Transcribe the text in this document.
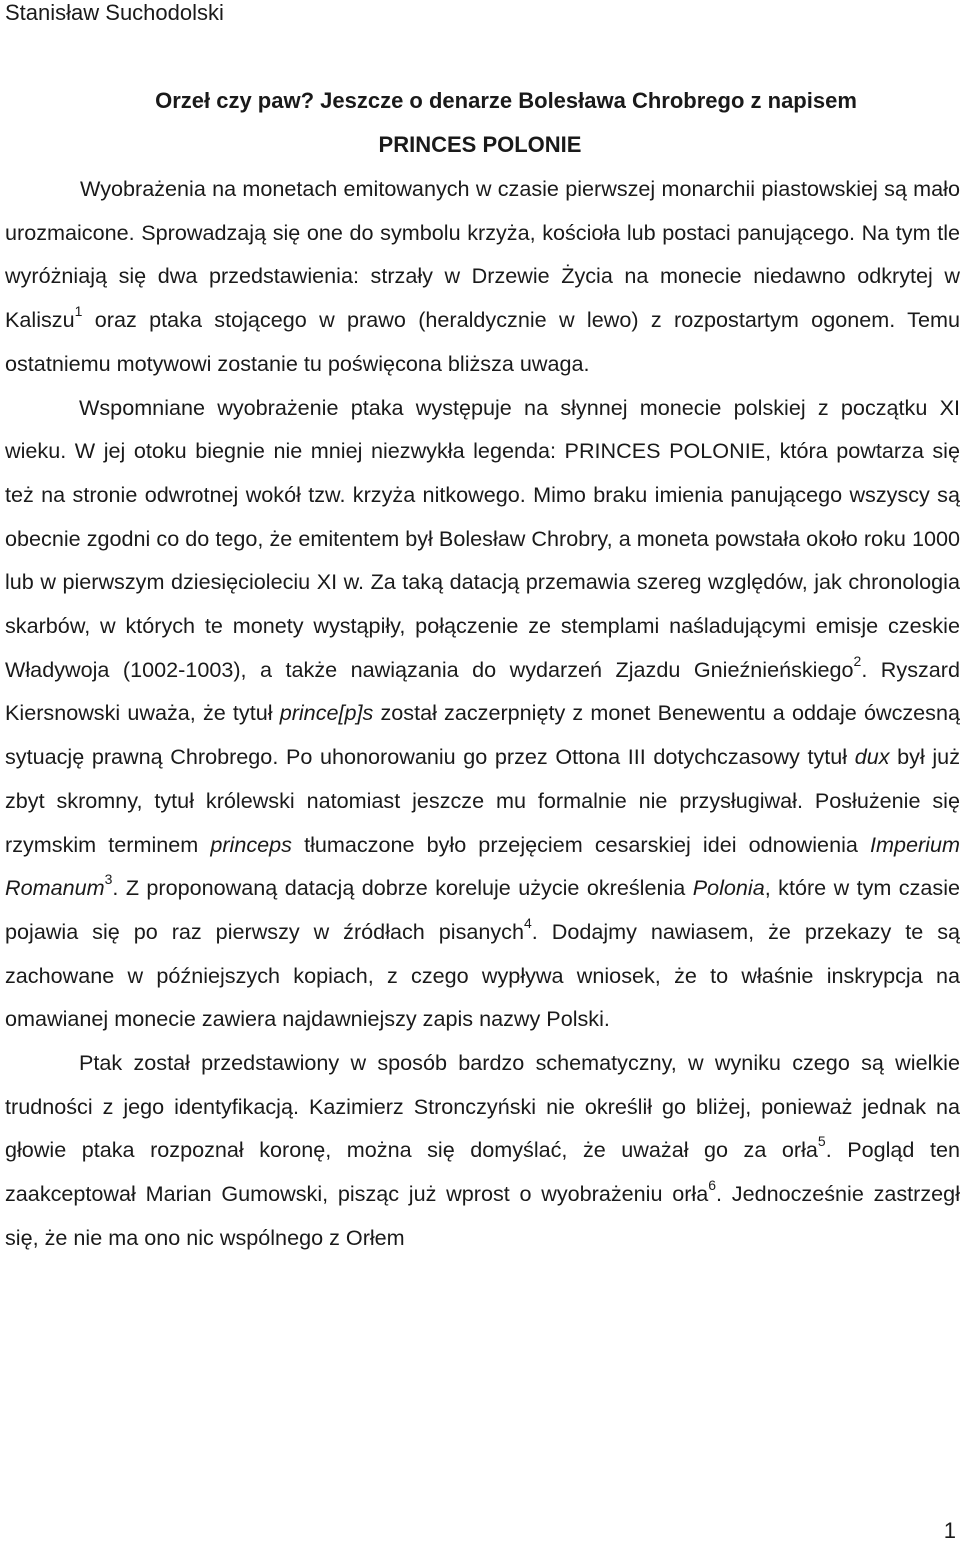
Stanisław Suchodolski
Orzeł czy paw? Jeszcze o denarze Bolesława Chrobrego z napisem
PRINCES POLONIE

Wyobrażenia na monetach emitowanych w czasie pierwszej monarchii piastowskiej są mało urozmaicone. Sprowadzają się one do symbolu krzyża, kościoła lub postaci panującego. Na tym tle wyróżniają się dwa przedstawienia: strzały w Drzewie Życia na monecie niedawno odkrytej w Kaliszu$^1$ oraz ptaka stojącego w prawo (heraldycznie w lewo) z rozpostartym ogonem. Temu ostatniemu motywowi zostanie tu poświęcona bliższa uwaga.

Wspomniane wyobrażenie ptaka występuje na słynnej monecie polskiej z początku XI wieku. W jej otoku biegnie nie mniej niezwykła legenda: PRINCES POLONIE, która powtarza się też na stronie odwrotnej wokół tzw. krzyża nitkowego. Mimo braku imienia panującego wszyscy są obecnie zgodni co do tego, że emitentem był Bolesław Chrobry, a moneta powstała około roku 1000 lub w pierwszym dziesięcioleciu XI w. Za taką datacją przemawia szereg względów, jak chronologia skarbów, w których te monety wystąpiły, połączenie ze stemplami naśladującymi emisje czeskie Władywoja (1002-1003), a także nawiązania do wydarzeń Zjazdu Gnieźnieńskiego$^2$. Ryszard Kiersnowski uważa, że tytuł prince[p]s został zaczerpnięty z monet Benewentu a oddaje ówczesną sytuację prawną Chrobrego. Po uhonorowaniu go przez Ottona III dotychczasowy tytuł dux był już zbyt skromny, tytuł królewski natomiast jeszcze mu formalnie nie przysługiwał. Posłużenie się rzymskim terminem princeps tłumaczone było przejęciem cesarskiej idei odnowienia Imperium Romanum$^3$. Z proponowaną datacją dobrze koreluje użycie określenia Polonia, które w tym czasie pojawia się po raz pierwszy w źródłach pisanych$^4$. Dodajmy nawiasem, że przekazy te są zachowane w późniejszych kopiach, z czego wypływa wniosek, że to właśnie inskrypcja na omawianej monecie zawiera najdawniejszy zapis nazwy Polski.

Ptak został przedstawiony w sposób bardzo schematyczny, w wyniku czego są wielkie trudności z jego identyfikacją. Kazimierz Stronczyński nie określił go bliżej, ponieważ jednak na głowie ptaka rozpoznał koronę, można się domyślać, że uważał go za orła$^5$. Pogląd ten zaakceptował Marian Gumowski, pisząc już wprost o wyobrażeniu orła$^6$. Jednocześnie zastrzegł się, że nie ma ono nic wspólnego z Orłem

1
